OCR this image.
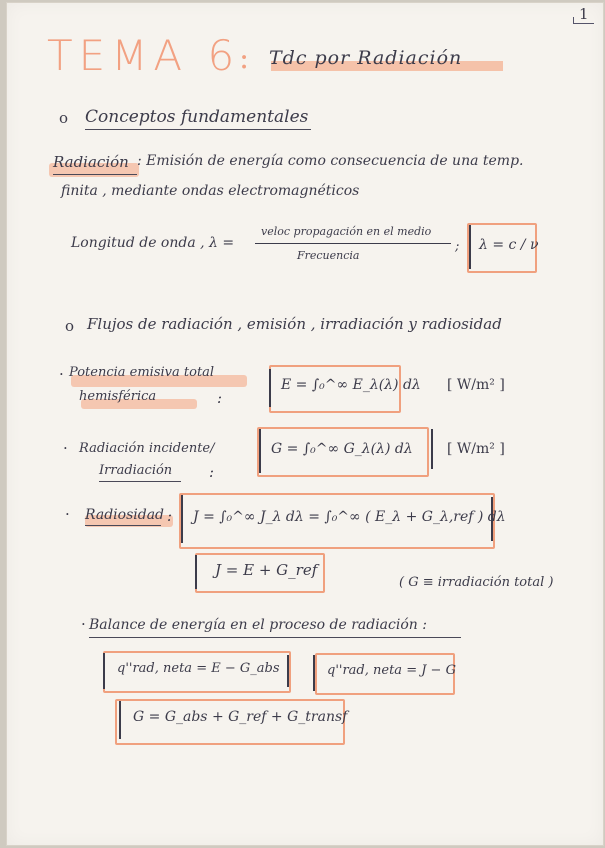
1
TEMA 6
: Tdc por Radiación
o Conceptos fundamentales
Radiación : Emisión de energía como consecuencia de una temp.
finita , mediante ondas electromagnéticos
Longitud de onda , λ =
veloc propagación en el medio
Frecuencia
; λ = c / ν
o Flujos de radiación , emisión , irradiación y radiosidad
· Potencia emisiva total
hemisférica	:
E = ∫₀^∞ E_λ(λ) dλ [ W/m² ]
· Radiación incidente/
Irradiación :
G = ∫₀^∞ G_λ(λ) dλ [ W/m² ]
· Radiosidad : J = ∫₀^∞ J_λ dλ = ∫₀^∞ ( E_λ + G_λ,ref ) dλ
J = E + G_ref
( G ≡ irradiación total )
· Balance de energía en el proceso de radiación :
q''rad, neta = E − G_abs	q''rad, neta = J − G
G = G_abs + G_ref + G_transf
